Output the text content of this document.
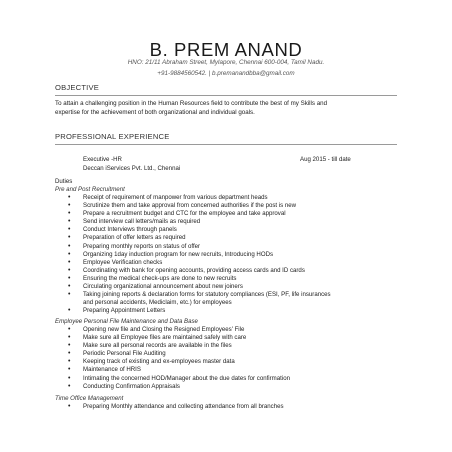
B. PREM ANAND
HNO: 21/11 Abraham Street, Mylapore, Chennai 600-004, Tamil Nadu.
+91-9884560542. | b.premanandbba@gmail.com
OBJECTIVE
To attain a challenging position in the Human Resources field to contribute the best of my Skills and
expertise for the achievement of both organizational and individual goals.
PROFESSIONAL EXPERIENCE
Executive -HR	Aug 2015 - till date
Deccan iServices Pvt. Ltd., Chennai
Duties
Pre and Post Recruitment
• Receipt of requirement of manpower from various department heads
• Scrutinize them and take approval from concerned authorities if the post is new
• Prepare a recruitment budget and CTC for the employee and take approval
• Send interview call letters/mails as required
• Conduct Interviews through panels
• Preparation of offer letters as required
• Preparing monthly reports on status of offer
• Organizing 1day induction program for new recruits, Introducing HODs
• Employee Verification checks
• Coordinating with bank for opening accounts, providing access cards and ID cards
• Ensuring the medical check-ups are done to new recruits
• Circulating organizational announcement about new joiners
• Taking joining reports & declaration forms for statutory compliances (ESI, PF, life insurances
and personal accidents, Mediclaim, etc.) for employees
• Preparing Appointment Letters
Employee Personal File Maintenance and Data Base
• Opening new file and Closing the Resigned Employees' File
• Make sure all Employee files are maintained safely with care
• Make sure all personal records are available in the files
• Periodic Personal File Auditing
• Keeping track of existing and ex-employees master data
• Maintenance of HRIS
• Intimating the concerned HOD/Manager about the due dates for confirmation
• Conducting Confirmation Appraisals
Time Office Management
• Preparing Monthly attendance and collecting attendance from all branches
